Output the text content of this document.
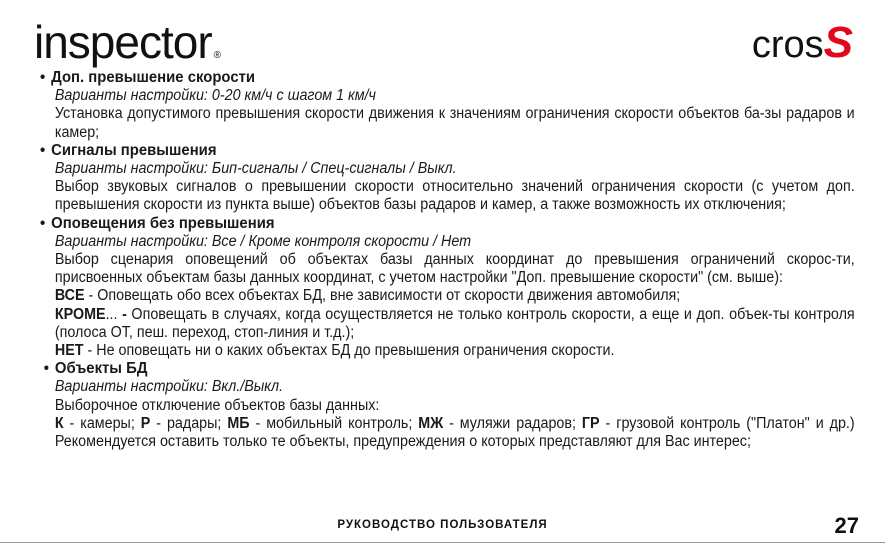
inspector ®	crosS

• Доп. превышение скорости

Варианты настройки: 0-20 км/ч с шагом 1 км/ч

Установка допустимого превышения скорости движения к значениям ограничения скорости объектов ба-зы радаров и камер;

• Сигналы превышения

Варианты настройки: Бип-сигналы / Спец-сигналы / Выкл.

Выбор звуковых сигналов о превышении скорости относительно значений ограничения скорости (с учетом доп. превышения скорости из пункта выше) объектов базы радаров и камер, а также возможность их отключения;

• Оповещения без превышения

Варианты настройки: Все / Кроме контроля скорости / Нет

Выбор сценария оповещений об объектах базы данных координат до превышения ограничений скорос-ти, присвоенных объектам базы данных координат, с учетом настройки "Доп. превышение скорости" (см. выше):

ВСЕ - Оповещать обо всех объектах БД, вне зависимости от скорости движения автомобиля;

КРОМЕ... - Оповещать в случаях, когда осуществляется не только контроль скорости, а еще и доп. объек-ты контроля (полоса ОТ, пеш. переход, стоп-линия и т.д.);

НЕТ - Не оповещать ни о каких объектах БД до превышения ограничения скорости.

• Объекты БД

Варианты настройки: Вкл./Выкл.

Выборочное отключение объектов базы данных:

К - камеры; Р - радары; МБ - мобильный контроль; МЖ - муляжи радаров; ГР - грузовой контроль ("Платон" и др.) Рекомендуется оставить только те объекты, предупреждения о которых представляют для Вас интерес;

РУКОВОДСТВО ПОЛЬЗОВАТЕЛЯ	27
